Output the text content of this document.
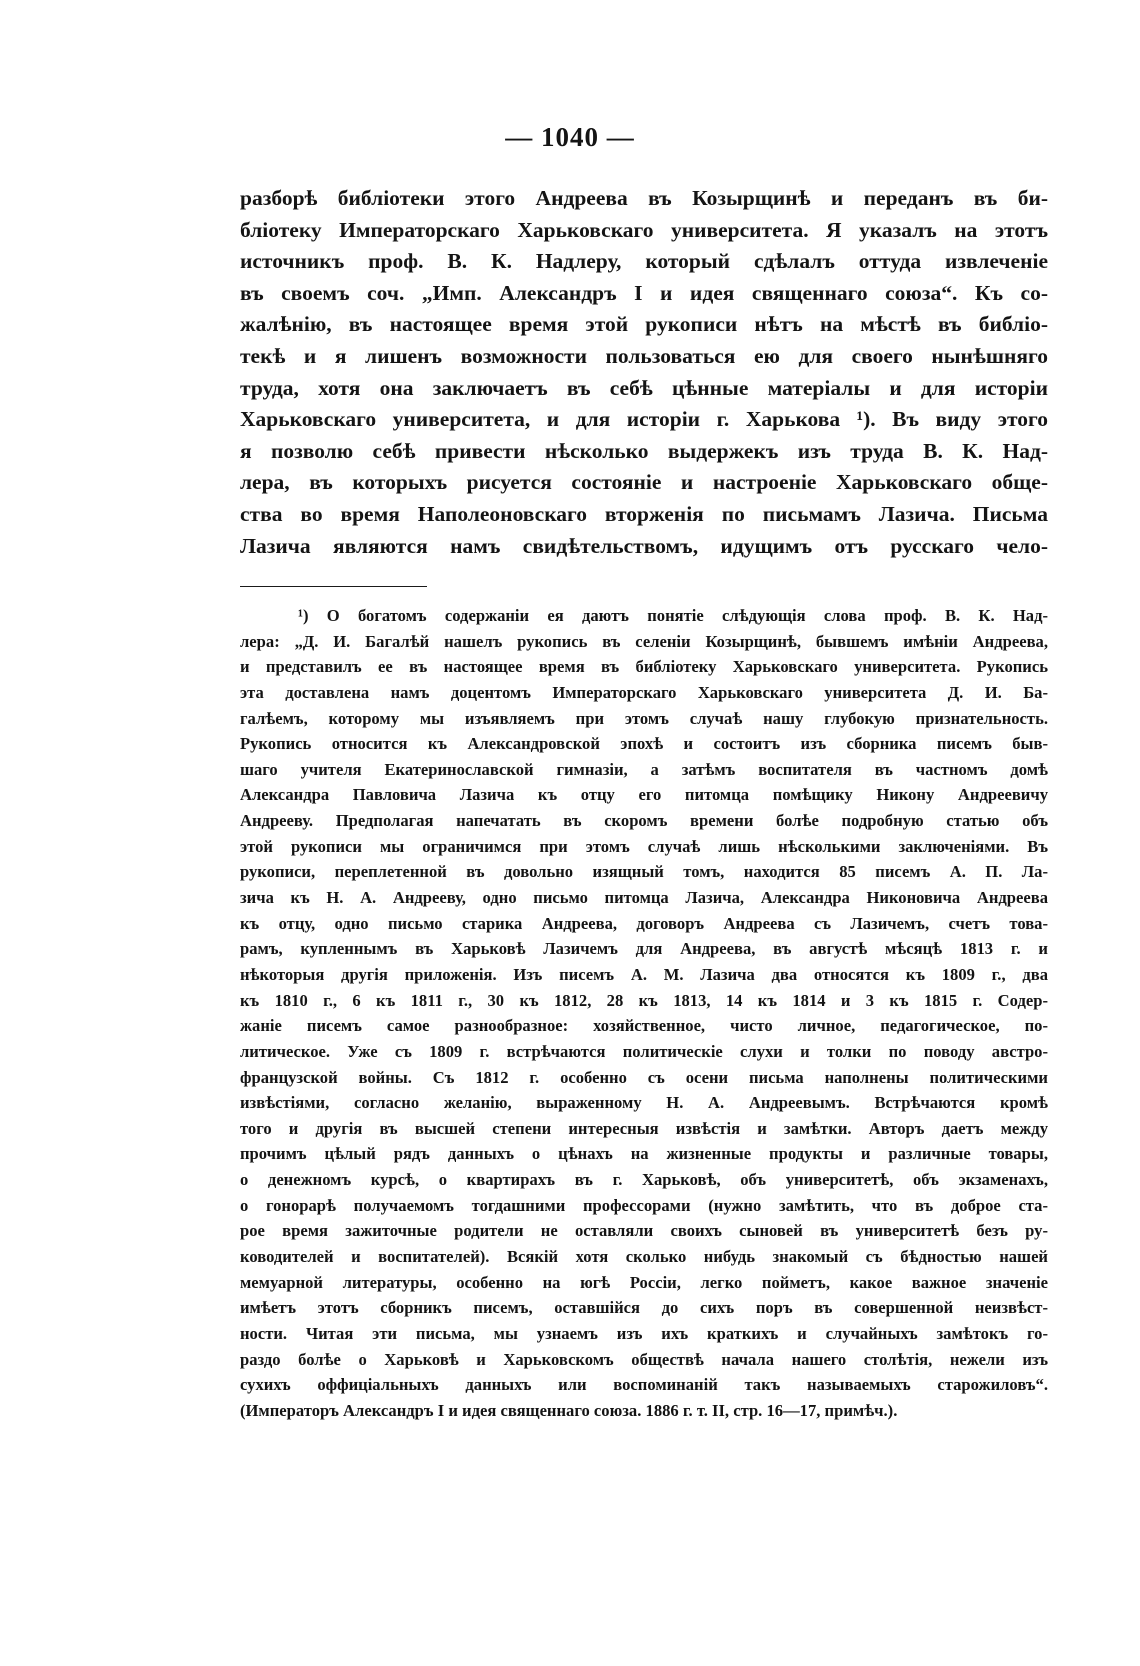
— 1040 —
разборѣ библіотеки этого Андреева въ Козырщинѣ и переданъ въ би-
бліотеку Императорскаго Харьковскаго университета. Я указалъ на этотъ
источникъ проф. В. К. Надлеру, который сдѣлалъ оттуда извлеченіе
въ своемъ соч. „Имп. Александръ I и идея священнаго союза“. Къ со-
жалѣнію, въ настоящее время этой рукописи нѣтъ на мѣстѣ въ библіо-
текѣ и я лишенъ возможности пользоваться ею для своего нынѣшняго
труда, хотя она заключаетъ въ себѣ цѣнные матеріалы и для исторіи
Харьковскаго университета, и для исторіи г. Харькова ¹). Въ виду этого
я позволю себѣ привести нѣсколько выдержекъ изъ труда В. К. Над-
лера, въ которыхъ рисуется состояніе и настроеніе Харьковскаго обще-
ства во время Наполеоновскаго вторженія по письмамъ Лазича. Письма
Лазича являются намъ свидѣтельствомъ, идущимъ отъ русскаго чело-
¹) О богатомъ содержаніи ея даютъ понятіе слѣдующія слова проф. В. К. Над-
лера: „Д. И. Багалѣй нашелъ рукопись въ селеніи Козырщинѣ, бывшемъ имѣніи Андреева,
и представилъ ее въ настоящее время въ библіотеку Харьковскаго университета. Рукопись
эта доставлена намъ доцентомъ Императорскаго Харьковскаго университета Д. И. Ба-
галѣемъ, которому мы изъявляемъ при этомъ случаѣ нашу глубокую признательность.
Рукопись относится къ Александровской эпохѣ и состоитъ изъ сборника писемъ быв-
шаго учителя Екатеринославской гимназіи, а затѣмъ воспитателя въ частномъ домѣ
Александра Павловича Лазича къ отцу его питомца помѣщику Никону Андреевичу
Андрееву. Предполагая напечатать въ скоромъ времени болѣе подробную статью объ
этой рукописи мы ограничимся при этомъ случаѣ лишь нѣсколькими заключеніями. Въ
рукописи, переплетенной въ довольно изящный томъ, находится 85 писемъ А. П. Ла-
зича къ Н. А. Андрееву, одно письмо питомца Лазича, Александра Никоновича Андреева
къ отцу, одно письмо старика Андреева, договоръ Андреева съ Лазичемъ, счетъ това-
рамъ, купленнымъ въ Харьковѣ Лазичемъ для Андреева, въ августѣ мѣсяцѣ 1813 г. и
нѣкоторыя другія приложенія. Изъ писемъ А. М. Лазича два относятся къ 1809 г., два
къ 1810 г., 6 къ 1811 г., 30 къ 1812, 28 къ 1813, 14 къ 1814 и 3 къ 1815 г. Содер-
жаніе писемъ самое разнообразное: хозяйственное, чисто личное, педагогическое, по-
литическое. Уже съ 1809 г. встрѣчаются политическіе слухи и толки по поводу австро-
французской войны. Съ 1812 г. особенно съ осени письма наполнены политическими
извѣстіями, согласно желанію, выраженному Н. А. Андреевымъ. Встрѣчаются кромѣ
того и другія въ высшей степени интересныя извѣстія и замѣтки. Авторъ даетъ между
прочимъ цѣлый рядъ данныхъ о цѣнахъ на жизненные продукты и различные товары,
о денежномъ курсѣ, о квартирахъ въ г. Харьковѣ, объ университетѣ, объ экзаменахъ,
о гонорарѣ получаемомъ тогдашними профессорами (нужно замѣтить, что въ доброе ста-
рое время зажиточные родители не оставляли своихъ сыновей въ университетѣ безъ ру-
ководителей и воспитателей). Всякій хотя сколько нибудь знакомый съ бѣдностью нашей
мемуарной литературы, особенно на югѣ Россіи, легко пойметъ, какое важное значеніе
имѣетъ этотъ сборникъ писемъ, оставшійся до сихъ поръ въ совершенной неизвѣст-
ности. Читая эти письма, мы узнаемъ изъ ихъ краткихъ и случайныхъ замѣтокъ го-
раздо болѣе о Харьковѣ и Харьковскомъ обществѣ начала нашего столѣтія, нежели изъ
сухихъ оффиціальныхъ данныхъ или воспоминаній такъ называемыхъ старожиловъ“.
(Императоръ Александръ I и идея священнаго союза. 1886 г. т. II, стр. 16—17, примѣч.).
